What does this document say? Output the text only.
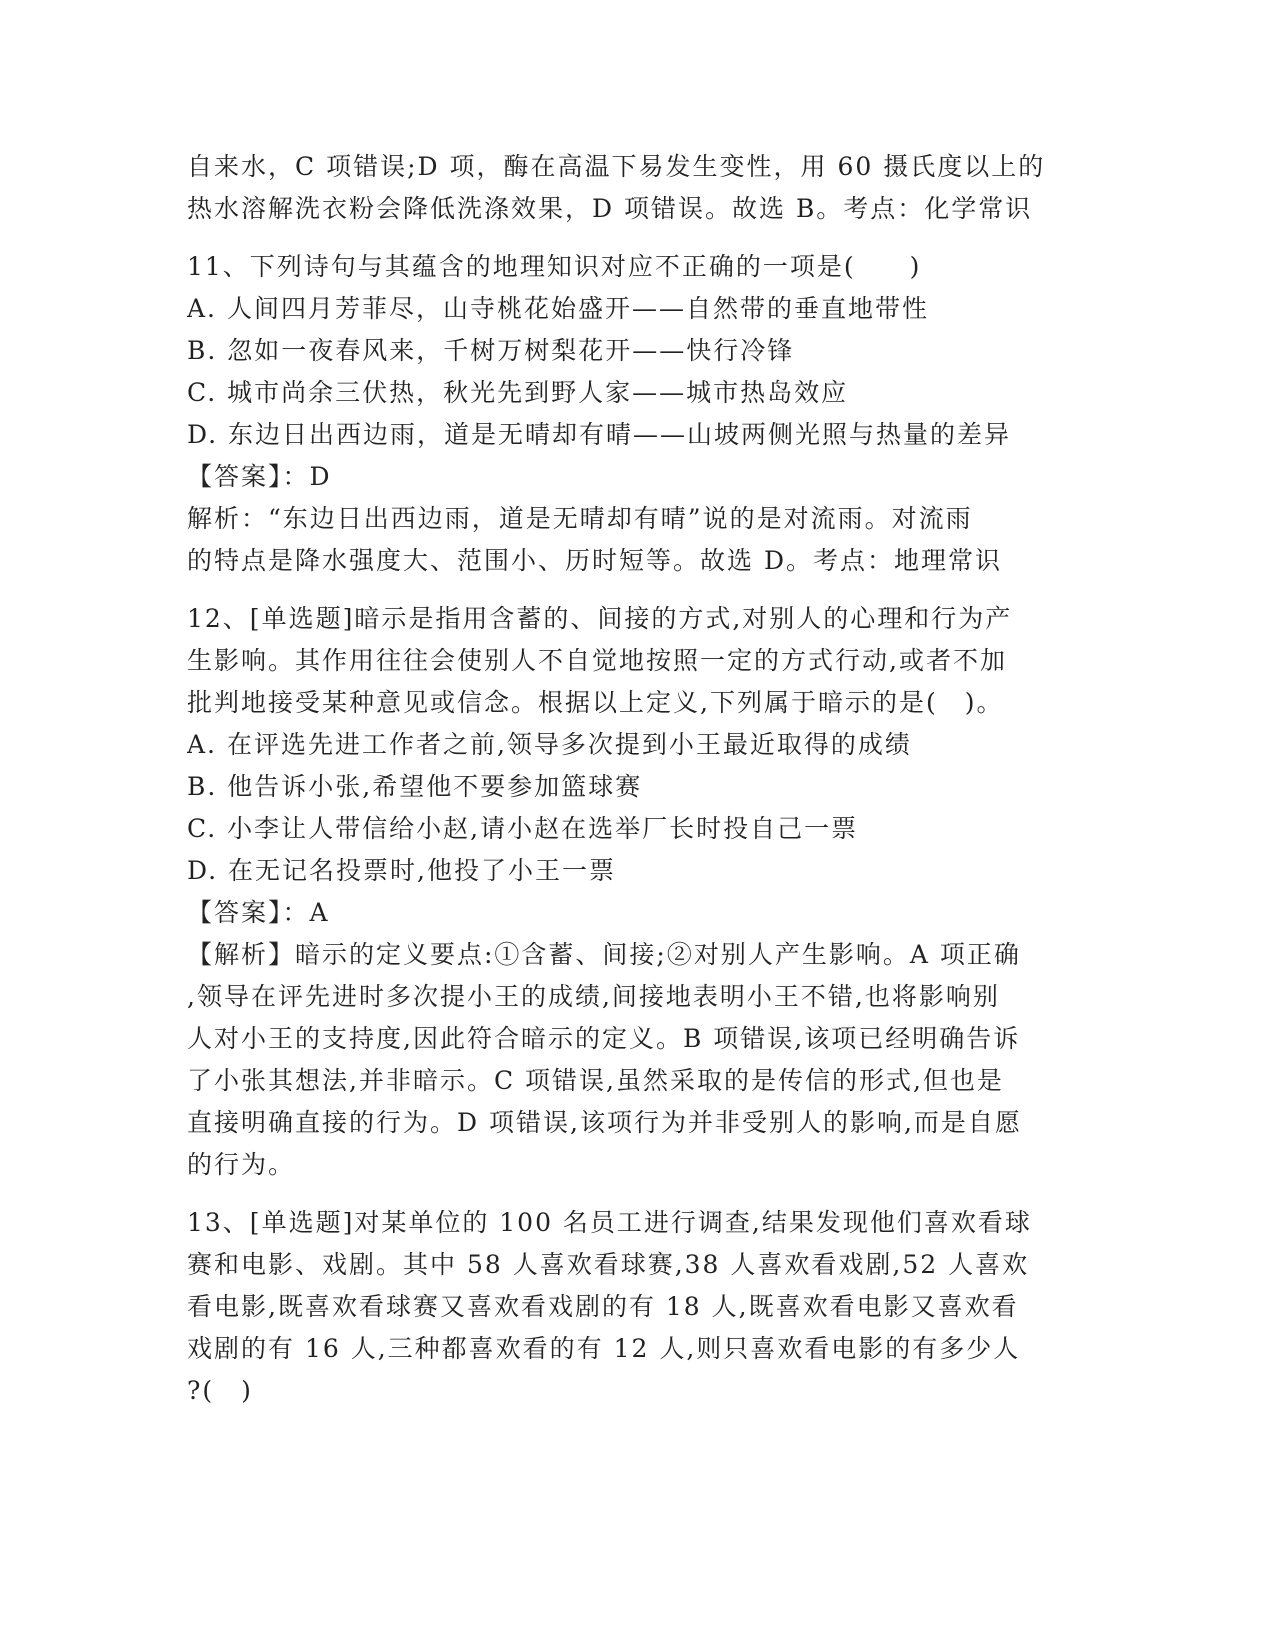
自来水，C 项错误;D 项，酶在高温下易发生变性，用 60 摄氏度以上的
热水溶解洗衣粉会降低洗涤效果，D 项错误。故选 B。考点：化学常识
11、下列诗句与其蕴含的地理知识对应不正确的一项是(　　)
A. 人间四月芳菲尽，山寺桃花始盛开——自然带的垂直地带性
B. 忽如一夜春风来，千树万树梨花开——快行冷锋
C. 城市尚余三伏热，秋光先到野人家——城市热岛效应
D. 东边日出西边雨，道是无晴却有晴——山坡两侧光照与热量的差异
【答案】：D
解析：“东边日出西边雨，道是无晴却有晴”说的是对流雨。对流雨
的特点是降水强度大、范围小、历时短等。故选 D。考点：地理常识
12、[单选题]暗示是指用含蓄的、间接的方式,对别人的心理和行为产
生影响。其作用往往会使别人不自觉地按照一定的方式行动,或者不加
批判地接受某种意见或信念。根据以上定义,下列属于暗示的是(　)。
A. 在评选先进工作者之前,领导多次提到小王最近取得的成绩
B. 他告诉小张,希望他不要参加篮球赛
C. 小李让人带信给小赵,请小赵在选举厂长时投自己一票
D. 在无记名投票时,他投了小王一票
【答案】：A
【解析】暗示的定义要点:①含蓄、间接;②对别人产生影响。A 项正确
,领导在评先进时多次提小王的成绩,间接地表明小王不错,也将影响别
人对小王的支持度,因此符合暗示的定义。B 项错误,该项已经明确告诉
了小张其想法,并非暗示。C 项错误,虽然采取的是传信的形式,但也是
直接明确直接的行为。D 项错误,该项行为并非受别人的影响,而是自愿
的行为。
13、[单选题]对某单位的 100 名员工进行调查,结果发现他们喜欢看球
赛和电影、戏剧。其中 58 人喜欢看球赛,38 人喜欢看戏剧,52 人喜欢
看电影,既喜欢看球赛又喜欢看戏剧的有 18 人,既喜欢看电影又喜欢看
戏剧的有 16 人,三种都喜欢看的有 12 人,则只喜欢看电影的有多少人
?(　)
